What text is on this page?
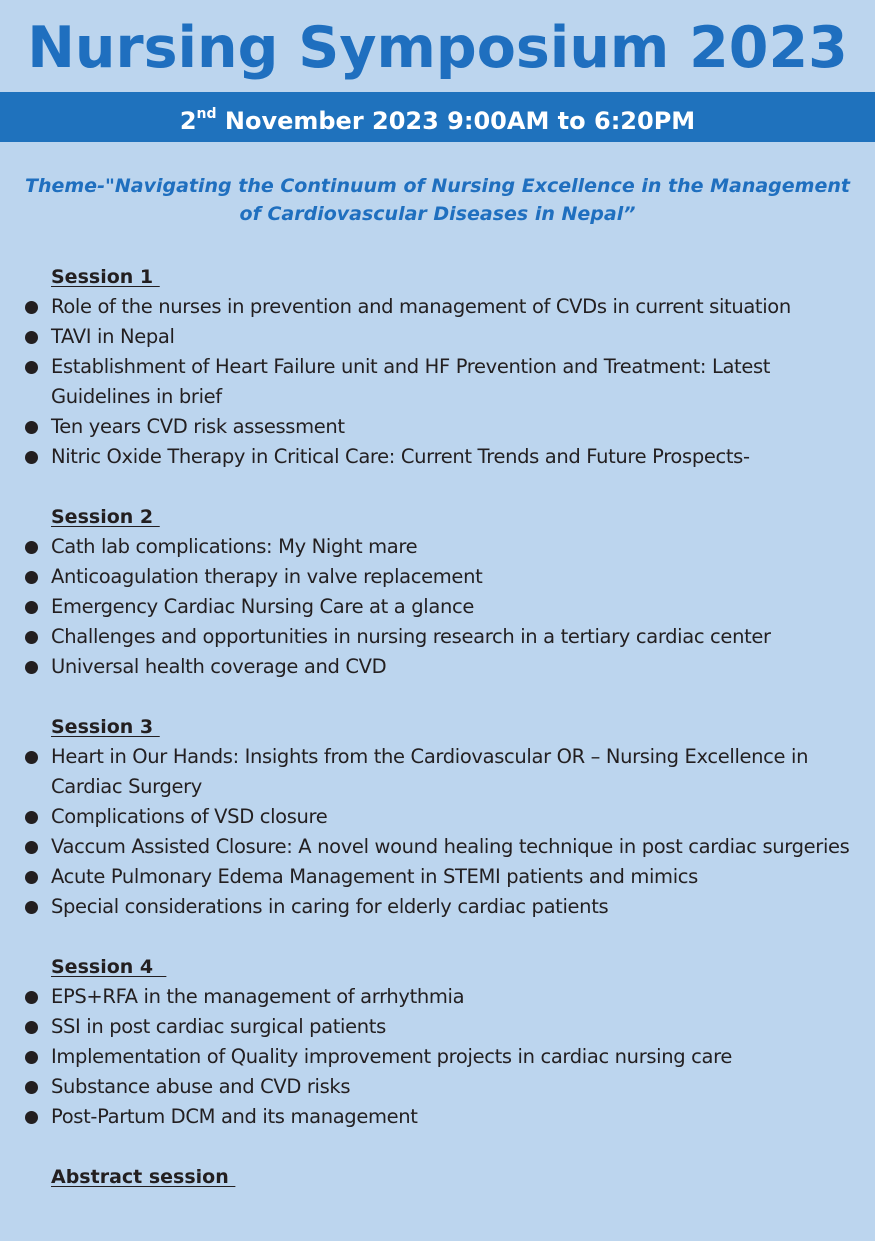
Nursing Symposium 2023
2nd November 2023 9:00AM to 6:20PM
Theme-"Navigating the Continuum of Nursing Excellence in the Management of Cardiovascular Diseases in Nepal”
Session 1
Role of the nurses in prevention and management of CVDs in current situation
TAVI in Nepal
Establishment of Heart Failure unit and HF Prevention and Treatment: Latest Guidelines in brief
Ten years CVD risk assessment
Nitric Oxide Therapy in Critical Care: Current Trends and Future Prospects-
Session 2
Cath lab complications: My Night mare
Anticoagulation therapy in valve replacement
Emergency Cardiac Nursing Care at a glance
Challenges and opportunities in nursing research in a tertiary cardiac center
Universal health coverage and CVD
Session 3
Heart in Our Hands: Insights from the Cardiovascular OR – Nursing Excellence in Cardiac Surgery
Complications of VSD closure
Vaccum Assisted Closure: A novel wound healing technique in post cardiac surgeries
Acute Pulmonary Edema Management in STEMI patients and mimics
Special considerations in caring for elderly cardiac patients
Session 4
EPS+RFA in the management of arrhythmia
SSI in post cardiac surgical patients
Implementation of Quality improvement projects in cardiac nursing care
Substance abuse and CVD risks
Post-Partum DCM and its management
Abstract session
